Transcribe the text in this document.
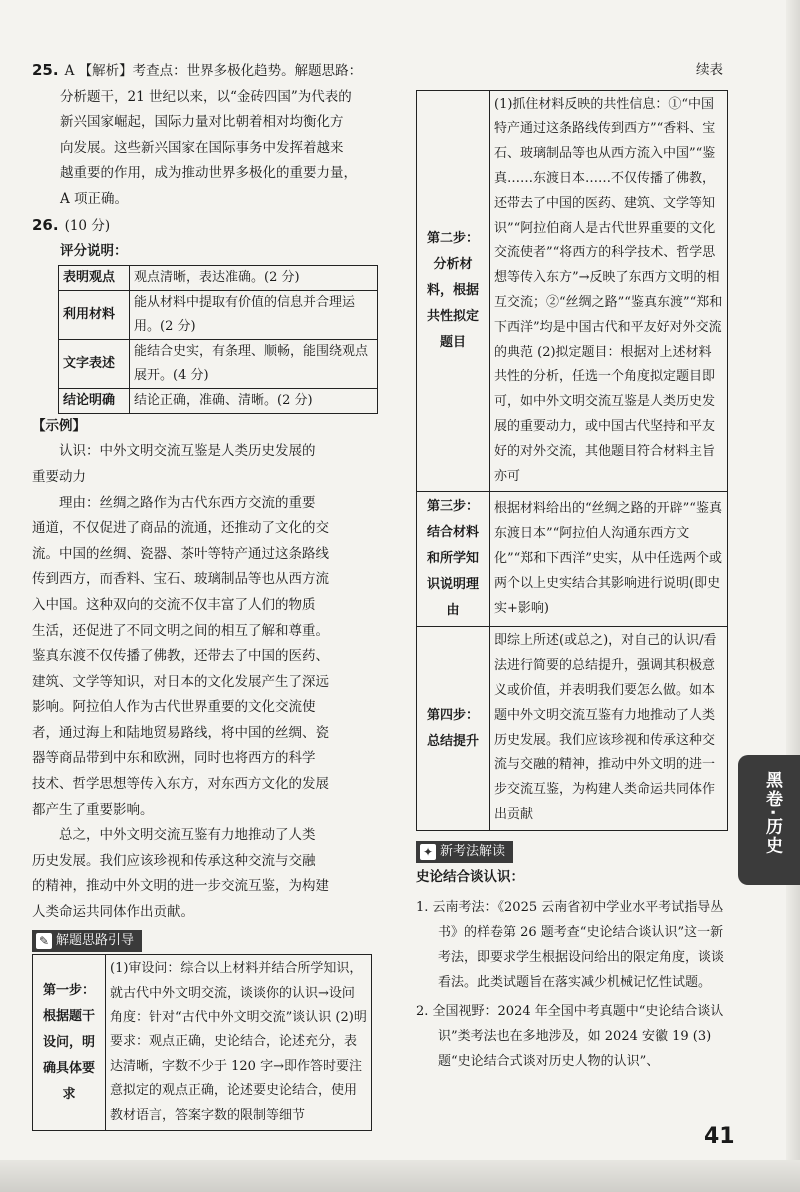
25. A 【解析】考查点：世界多极化趋势。解题思路：

分析题干，21 世纪以来，以“金砖四国”为代表的

新兴国家崛起，国际力量对比朝着相对均衡化方

向发展。这些新兴国家在国际事务中发挥着越来

越重要的作用，成为推动世界多极化的重要力量，

A 项正确。

26. (10 分)

评分说明：

表明观点	观点清晰，表达准确。(2 分)
利用材料	能从材料中提取有价值的信息并合理运用。(2 分)
文字表述	能结合史实，有条理、顺畅，能围绕观点展开。(4 分)
结论明确	结论正确，准确、清晰。(2 分)

【示例】

认识：中外文明交流互鉴是人类历史发展的

重要动力

理由：丝绸之路作为古代东西方交流的重要

通道，不仅促进了商品的流通，还推动了文化的交

流。中国的丝绸、瓷器、茶叶等特产通过这条路线

传到西方，而香料、宝石、玻璃制品等也从西方流

入中国。这种双向的交流不仅丰富了人们的物质

生活，还促进了不同文明之间的相互了解和尊重。

鉴真东渡不仅传播了佛教，还带去了中国的医药、

建筑、文学等知识，对日本的文化发展产生了深远

影响。阿拉伯人作为古代世界重要的文化交流使

者，通过海上和陆地贸易路线，将中国的丝绸、瓷

器等商品带到中东和欧洲，同时也将西方的科学

技术、哲学思想等传入东方，对东西方文化的发展

都产生了重要影响。

总之，中外文明交流互鉴有力地推动了人类

历史发展。我们应该珍视和传承这种交流与交融

的精神，推动中外文明的进一步交流互鉴，为构建

人类命运共同体作出贡献。

✎ 解题思路引导
第一步：根据题干设问，明确具体要求	(1)审设问：综合以上材料并结合所学知识，就古代中外文明交流，谈谈你的认识→设问角度：针对“古代中外文明交流”谈认识 (2)明要求：观点正确，史论结合，论述充分，表达清晰，字数不少于 120 字→即作答时要注意拟定的观点正确，论述要史论结合，使用教材语言，答案字数的限制等细节

续表

第二步：分析材料，根据共性拟定题目	(1)抓住材料反映的共性信息：①“中国特产通过这条路线传到西方”“香料、宝石、玻璃制品等也从西方流入中国”“鉴真……东渡日本……不仅传播了佛教，还带去了中国的医药、建筑、文学等知识”“阿拉伯商人是古代世界重要的文化交流使者”“将西方的科学技术、哲学思想等传入东方”→反映了东西方文明的相互交流；②“丝绸之路”“鉴真东渡”“郑和下西洋”均是中国古代和平友好对外交流的典范 (2)拟定题目：根据对上述材料共性的分析，任选一个角度拟定题目即可，如中外文明交流互鉴是人类历史发展的重要动力，或中国古代坚持和平友好的对外交流，其他题目符合材料主旨亦可
第三步：结合材料和所学知识说明理由	根据材料给出的“丝绸之路的开辟”“鉴真东渡日本”“阿拉伯人沟通东西方文化”“郑和下西洋”史实，从中任选两个或两个以上史实结合其影响进行说明(即史实+影响)
第四步：总结提升	即综上所述(或总之)，对自己的认识/看法进行简要的总结提升，强调其积极意义或价值，并表明我们要怎么做。如本题中外文明交流互鉴有力地推动了人类历史发展。我们应该珍视和传承这种交流与交融的精神，推动中外文明的进一步交流互鉴，为构建人类命运共同体作出贡献
✦ 新考法解读

史论结合谈认识：

1. 云南考法：《2025 云南省初中学业水平考试指导丛书》的样卷第 26 题考查“史论结合谈认识”这一新考法，即要求学生根据设问给出的限定角度，谈谈看法。此类试题旨在落实减少机械记忆性试题。

2. 全国视野：2024 年全国中考真题中“史论结合谈认识”类考法也在多地涉及，如 2024 安徽 19 (3)题“史论结合式谈对历史人物的认识”、

黑卷·历史
41
